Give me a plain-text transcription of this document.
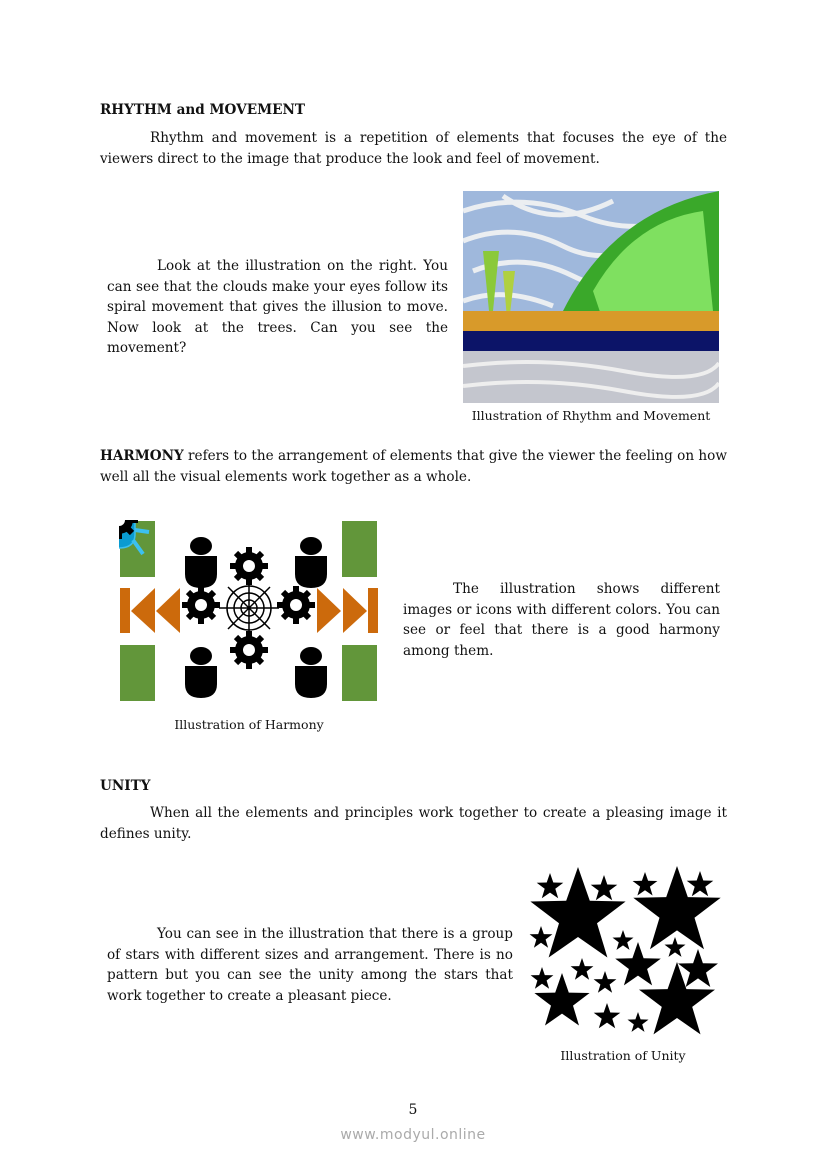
RHYTHM and MOVEMENT

Rhythm and movement is a repetition of elements that focuses the eye of the viewers direct to the image that produce the look and feel of movement.

Look at the illustration on the right. You can see that the clouds make your eyes follow its spiral movement that gives the illusion to move. Now look at the trees. Can you see the movement?

Illustration of Rhythm and Movement

HARMONY refers to the arrangement of elements that give the viewer the feeling on how well all the visual elements work together as a whole.

Illustration of Harmony

The illustration shows different images or icons with different colors. You can see or feel that there is a good harmony among them.

UNITY

When all the elements and principles work together to create a pleasing image it defines unity.

You can see in the illustration that there is a group of stars with different sizes and arrangement. There is no pattern but you can see the unity among the stars that work together to create a pleasant piece.

Illustration of Unity
5
www.modyul.online
